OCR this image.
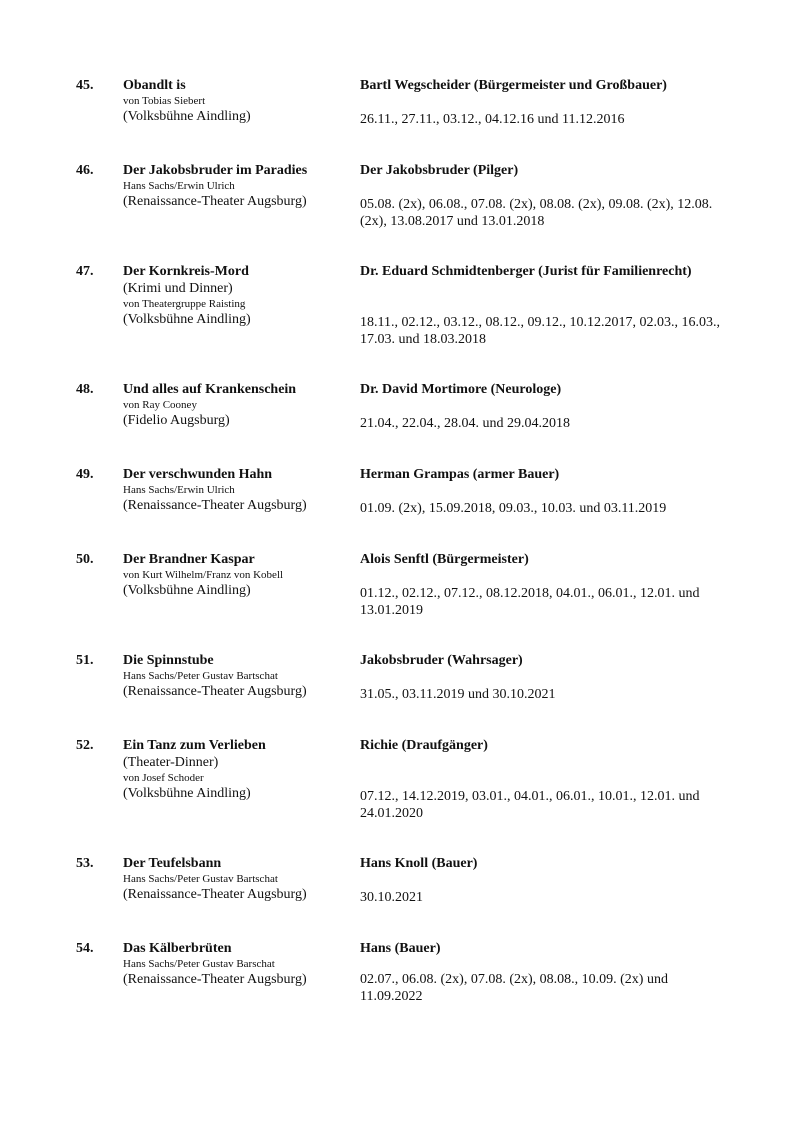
45. Obandlt is
von Tobias Siebert
(Volksbühne Aindling)
Bartl Wegscheider (Bürgermeister und Großbauer)
26.11., 27.11., 03.12., 04.12.16 und 11.12.2016
46. Der Jakobsbruder im Paradies
Hans Sachs/Erwin Ulrich
(Renaissance-Theater Augsburg)
Der Jakobsbruder (Pilger)
05.08. (2x), 06.08., 07.08. (2x), 08.08. (2x), 09.08. (2x), 12.08. (2x), 13.08.2017 und 13.01.2018
47. Der Kornkreis-Mord
(Krimi und Dinner)
von Theatergruppe Raisting
(Volksbühne Aindling)
Dr. Eduard Schmidtenberger (Jurist für Familienrecht)
18.11., 02.12., 03.12., 08.12., 09.12., 10.12.2017, 02.03., 16.03., 17.03. und 18.03.2018
48. Und alles auf Krankenschein
von Ray Cooney
(Fidelio Augsburg)
Dr. David Mortimore (Neurologe)
21.04., 22.04., 28.04. und 29.04.2018
49. Der verschwunden Hahn
Hans Sachs/Erwin Ulrich
(Renaissance-Theater Augsburg)
Herman Grampas (armer Bauer)
01.09. (2x), 15.09.2018, 09.03., 10.03. und 03.11.2019
50. Der Brandner Kaspar
von Kurt Wilhelm/Franz von Kobell
(Volksbühne Aindling)
Alois Senftl (Bürgermeister)
01.12., 02.12., 07.12., 08.12.2018, 04.01., 06.01., 12.01. und 13.01.2019
51. Die Spinnstube
Hans Sachs/Peter Gustav Bartschat
(Renaissance-Theater Augsburg)
Jakobsbruder (Wahrsager)
31.05., 03.11.2019 und 30.10.2021
52. Ein Tanz zum Verlieben
(Theater-Dinner)
von Josef Schoder
(Volksbühne Aindling)
Richie (Draufgänger)
07.12., 14.12.2019, 03.01., 04.01., 06.01., 10.01., 12.01. und 24.01.2020
53. Der Teufelsbann
Hans Sachs/Peter Gustav Bartschat
(Renaissance-Theater Augsburg)
Hans Knoll (Bauer)
30.10.2021
54. Das Kälberbrüten
Hans Sachs/Peter Gustav Barschat
(Renaissance-Theater Augsburg)
Hans (Bauer)
02.07., 06.08. (2x), 07.08. (2x), 08.08., 10.09. (2x) und 11.09.2022
